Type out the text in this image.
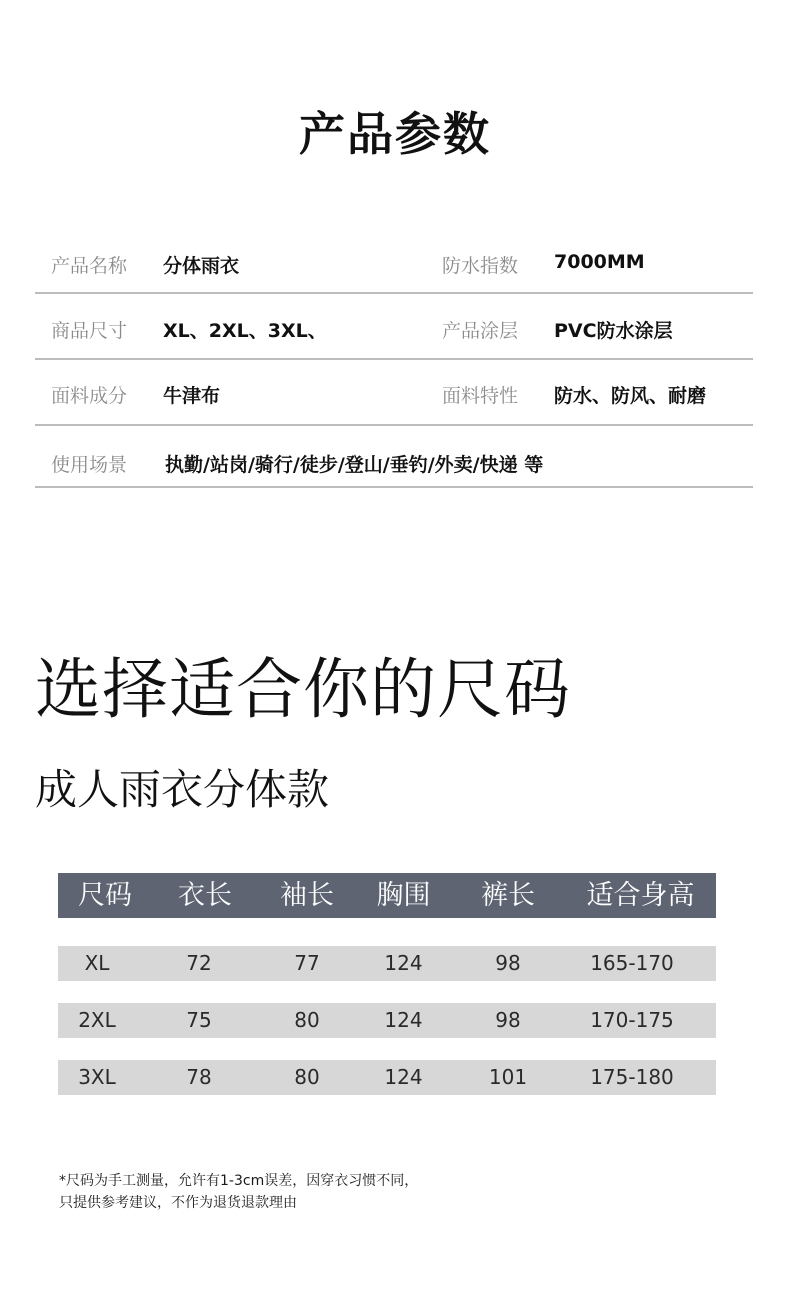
产品参数
产品名称 分体雨衣	防水指数 7000MM
商品尺寸 XL、2XL、3XL、	产品涂层 PVC防水涂层
面料成分 牛津布	面料特性 防水、防风、耐磨
使用场景 执勤/站岗/骑行/徒步/登山/垂钓/外卖/快递 等
选择适合你的尺码
成人雨衣分体款
尺码	衣长	袖长	胸围	裤长	适合身高
XL	72	77	124	98	165-170
2XL	75	80	124	98	170-175
3XL	78	80	124	101	175-180
*尺码为手工测量，允许有1-3cm误差，因穿衣习惯不同，
只提供参考建议，不作为退货退款理由
